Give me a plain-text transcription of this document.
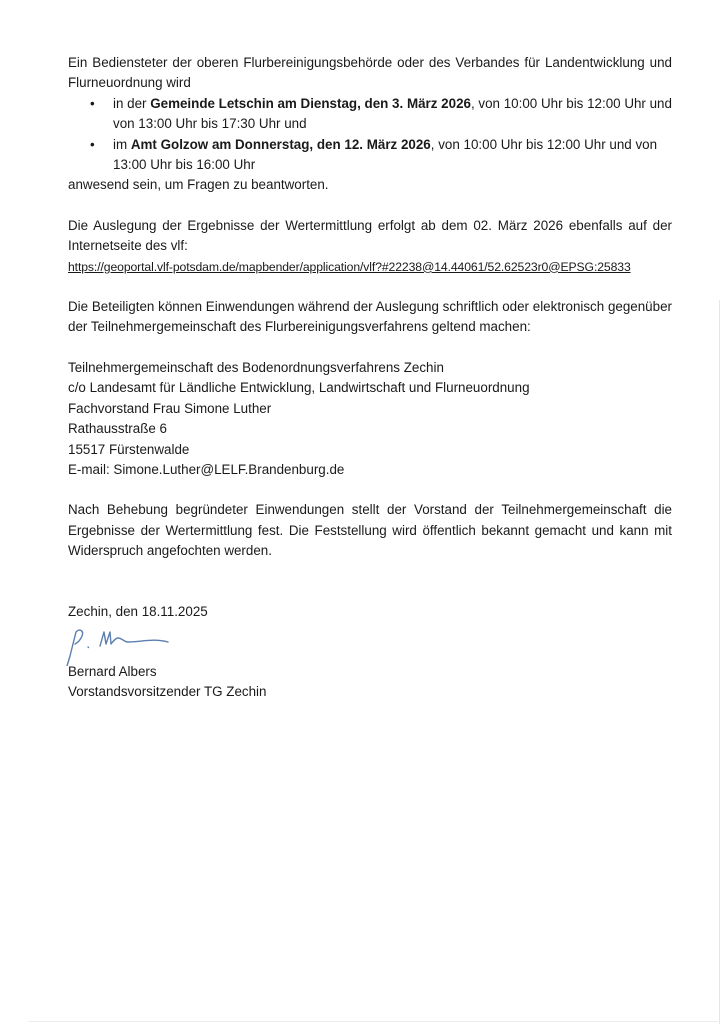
Ein Bediensteter der oberen Flurbereinigungsbehörde oder des Verbandes für Landentwicklung und Flurneuordnung wird

• in der Gemeinde Letschin am Dienstag, den 3. März 2026, von 10:00 Uhr bis 12:00 Uhr und von 13:00 Uhr bis 17:30 Uhr und
• im Amt Golzow am Donnerstag, den 12. März 2026, von 10:00 Uhr bis 12:00 Uhr und von 13:00 Uhr bis 16:00 Uhr

anwesend sein, um Fragen zu beantworten.

Die Auslegung der Ergebnisse der Wertermittlung erfolgt ab dem 02. März 2026 ebenfalls auf der Internetseite des vlf:

https://geoportal.vlf-potsdam.de/mapbender/application/vlf?#22238@14.44061/52.62523r0@EPSG:25833

Die Beteiligten können Einwendungen während der Auslegung schriftlich oder elektronisch gegenüber der Teilnehmergemeinschaft des Flurbereinigungsverfahrens geltend machen:

Teilnehmergemeinschaft des Bodenordnungsverfahrens Zechin

c/o Landesamt für Ländliche Entwicklung, Landwirtschaft und Flurneuordnung

Fachvorstand Frau Simone Luther

Rathausstraße 6

15517 Fürstenwalde

E-mail: Simone.Luther@LELF.Brandenburg.de

Nach Behebung begründeter Einwendungen stellt der Vorstand der Teilnehmergemeinschaft die Ergebnisse der Wertermittlung fest. Die Feststellung wird öffentlich bekannt gemacht und kann mit Widerspruch angefochten werden.

Zechin, den 18.11.2025

Bernard Albers

Vorstandsvorsitzender TG Zechin
